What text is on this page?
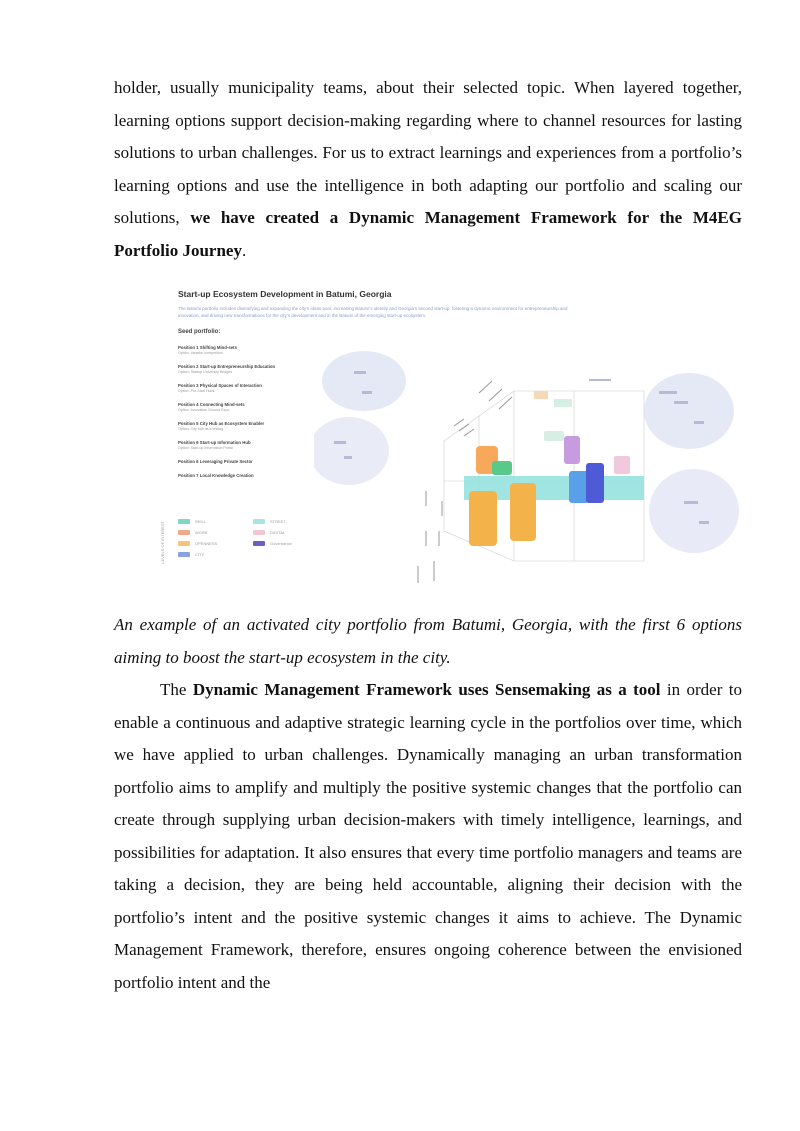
holder, usually municipality teams, about their selected topic. When layered together, learning options support decision-making regarding where to channel resources for lasting solutions to urban challenges. For us to extract learnings and experiences from a portfolio’s learning options and use the intelligence in both adapting our portfolio and scaling our solutions, we have created a Dynamic Management Framework for the M4EG Portfolio Journey.

Start-up Ecosystem Development in Batumi, Georgia
The Batumi portfolio includes diversifying and expanding the city’s ideas pool, increasing Batumi’s identity and Georgia’s second start-up, fostering a dynamic environment for entrepreneurship and innovation, and driving new transformations for the city’s development and in the Batumi of the emerging start-up ecosystem.
Seed portfolio:
Position 1 Shifting Mind-sets
Option: Ideation competition
Position 2 Start-up Entrepreneurship Education
Option: Startup University Bridges
Position 3 Physical Spaces of Interaction
Option: Pro-Start Hubs
Position 4 Connecting Mind-sets
Option: Innovation Ground Expo
Position 5 City Hub as Ecosystem Enabler
Option: City hub as a testing
Position 6 Start-up Information Hub
Option: Start-up Information Portal
Position 6 Leveraging Private Sector
Position 7 Local Knowledge Creation
LEVELS OF INTEREST	SKILL	STREET
WORK	DIGITAL
OPENNESS	Governance
CITY

An example of an activated city portfolio from Batumi, Georgia, with the first 6 options aiming to boost the start-up ecosystem in the city.

The Dynamic Management Framework uses Sensemaking as a tool in order to enable a continuous and adaptive strategic learning cycle in the portfolios over time, which we have applied to urban challenges. Dynamically managing an urban transformation portfolio aims to amplify and multiply the positive systemic changes that the portfolio can create through supplying urban decision-makers with timely intelligence, learnings, and possibilities for adaptation. It also ensures that every time portfolio managers and teams are taking a decision, they are being held accountable, aligning their decision with the portfolio’s intent and the positive systemic changes it aims to achieve. The Dynamic Management Framework, therefore, ensures ongoing coherence between the envisioned portfolio intent and the
